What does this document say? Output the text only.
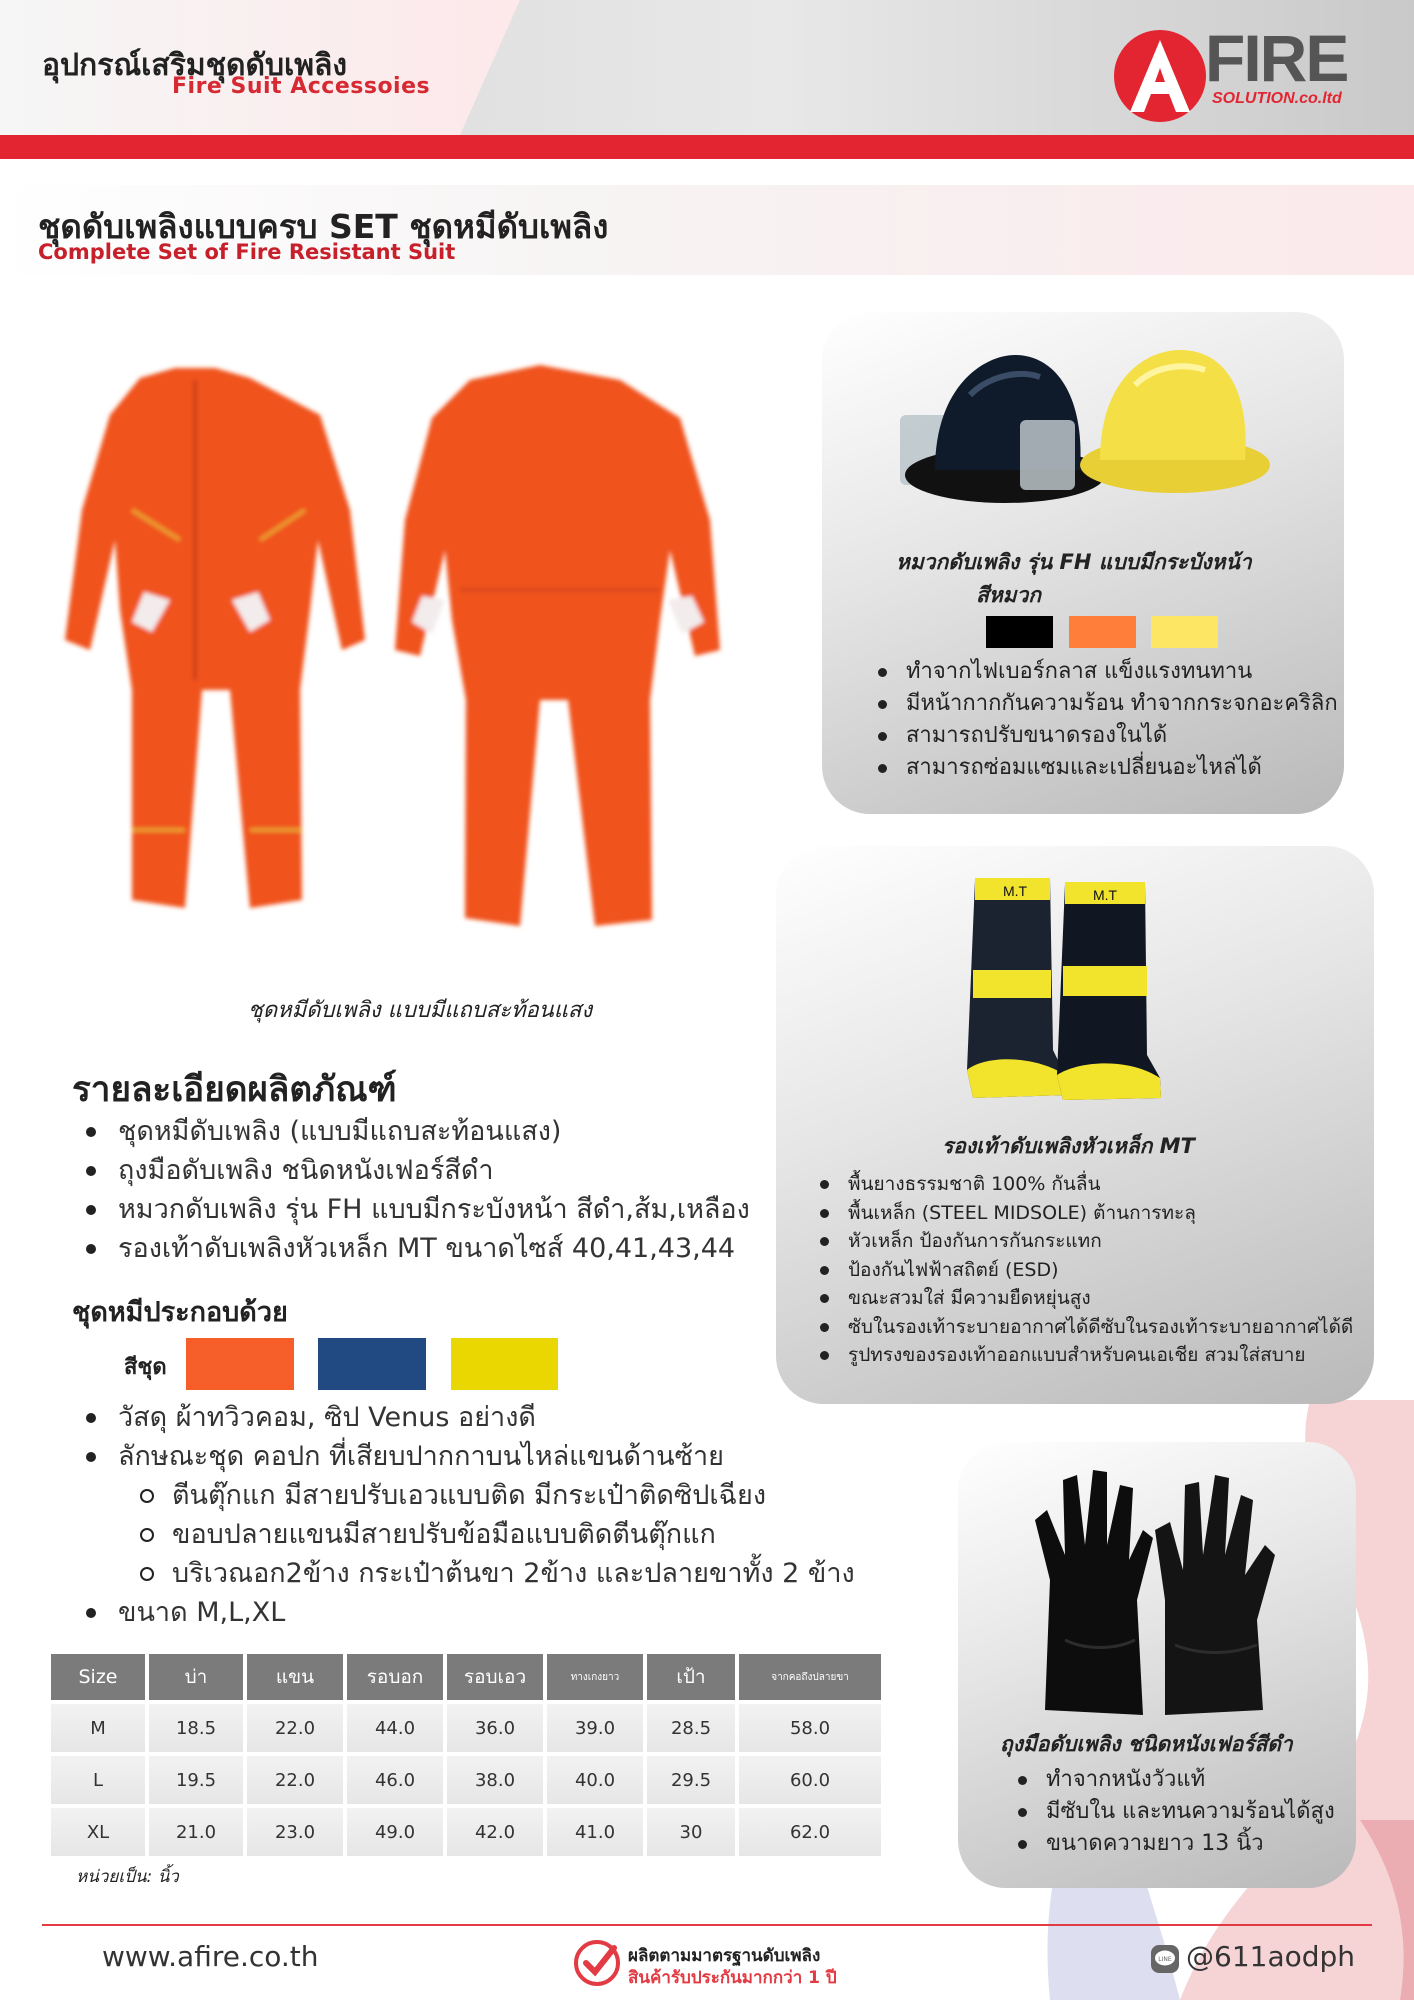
อุปกรณ์เสริมชุดดับเพลิง
Fire Suit Accessoies	FIRE
SOLUTION.co.ltd
ชุดดับเพลิงแบบครบ SET ชุดหมีดับเพลิง
Complete Set of Fire Resistant Suit
ชุดหมีดับเพลิง แบบมีแถบสะท้อนแสง
รายละเอียดผลิตภัณฑ์
ชุดหมีดับเพลิง (แบบมีแถบสะท้อนแสง)
ถุงมือดับเพลิง ชนิดหนังเฟอร์สีดำ
หมวกดับเพลิง รุ่น FH แบบมีกระบังหน้า สีดำ,ส้ม,เหลือง
รองเท้าดับเพลิงหัวเหล็ก MT ขนาดไซส์ 40,41,43,44
ชุดหมีประกอบด้วย
สีชุด
วัสดุ ผ้าทวิวคอม, ซิป Venus อย่างดี
ลักษณะชุด คอปก ที่เสียบปากกาบนไหล่แขนด้านซ้าย
ตีนตุ๊กแก มีสายปรับเอวแบบติด มีกระเป๋าติดซิปเฉียง
ขอบปลายแขนมีสายปรับข้อมือแบบติดตีนตุ๊กแก
บริเวณอก2ข้าง กระเป๋าต้นขา 2ข้าง และปลายขาทั้ง 2 ข้าง
ขนาด M,L,XL
Size	บ่า	แขน	รอบอก	รอบเอว	ทางเกงยาว	เป้า	จากคอถึงปลายขา
M	18.5	22.0	44.0	36.0	39.0	28.5	58.0
L	19.5	22.0	46.0	38.0	40.0	29.5	60.0
XL	21.0	23.0	49.0	42.0	41.0	30	62.0
หน่วยเป็น: นิ้ว
หมวกดับเพลิง รุ่น FH แบบมีกระบังหน้า
สีหมวก
ทำจากไฟเบอร์กลาส แข็งแรงทนทาน
มีหน้ากากกันความร้อน ทำจากกระจกอะคริลิก
สามารถปรับขนาดรองในได้
สามารถซ่อมแซมและเปลี่ยนอะไหล่ได้
M.T	M.T
รองเท้าดับเพลิงหัวเหล็ก MT
พื้นยางธรรมชาติ 100% กันลื่น
พื้นเหล็ก (STEEL MIDSOLE) ต้านการทะลุ
หัวเหล็ก ป้องกันการกันกระแทก
ป้องกันไฟฟ้าสถิตย์ (ESD)
ขณะสวมใส่ มีความยืดหยุ่นสูง
ซับในรองเท้าระบายอากาศได้ดีซับในรองเท้าระบายอากาศได้ดี
รูปทรงของรองเท้าออกแบบสำหรับคนเอเชีย สวมใส่สบาย
ถุงมือดับเพลิง ชนิดหนังเฟอร์สีดำ
ทำจากหนังวัวแท้
มีซับใน และทนความร้อนได้สูง
ขนาดความยาว 13 นิ้ว
www.afire.co.th	ผลิตตามมาตรฐานดับเพลิง
สินค้ารับประกันมากกว่า 1 ปี
LINE @611aodph
